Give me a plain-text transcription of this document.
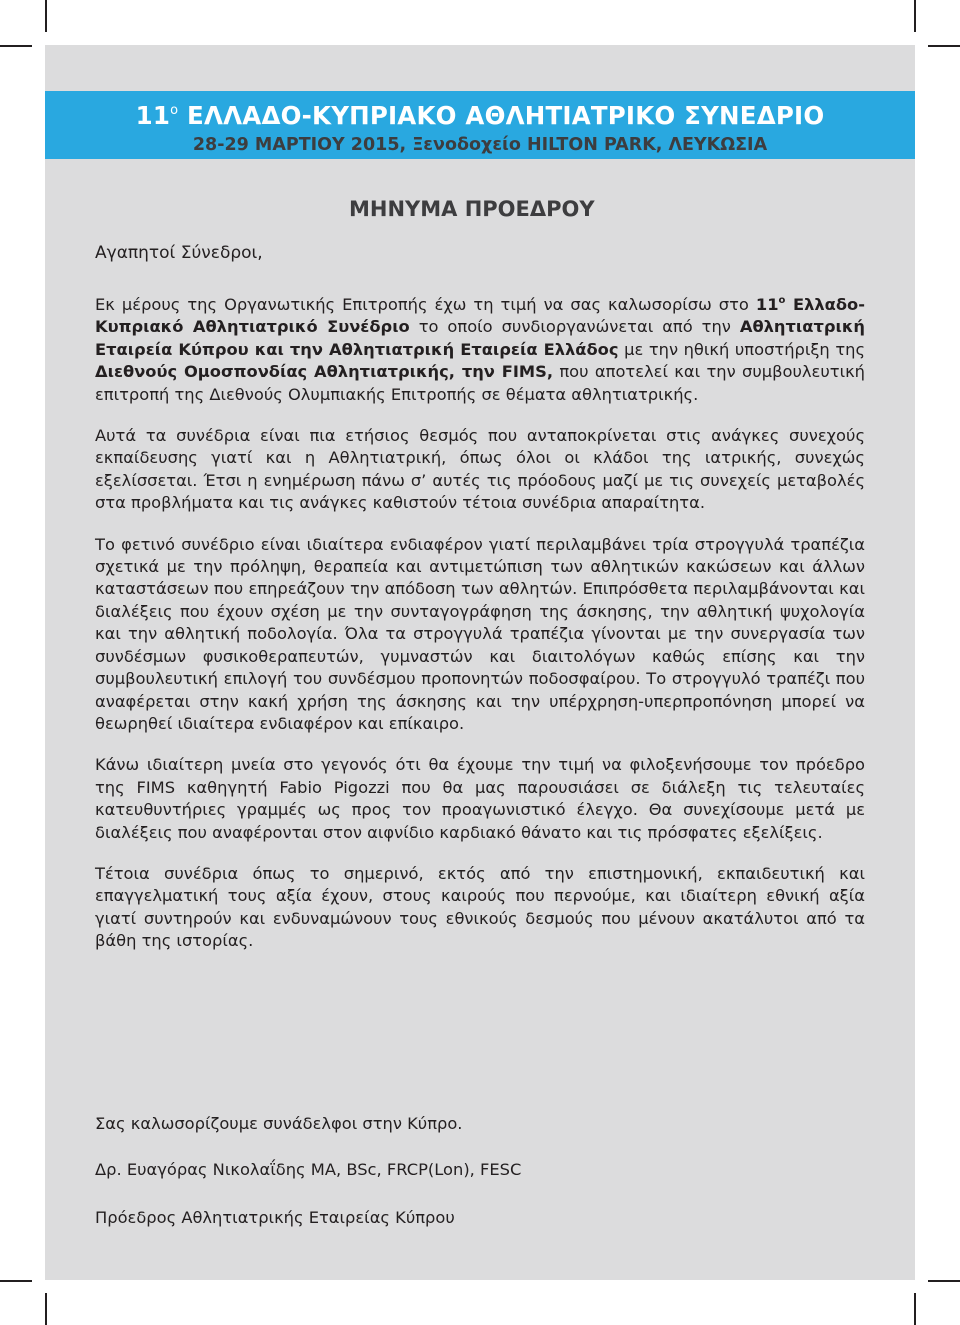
$11^o$ ΕΛΛΑΔΟ-ΚΥΠΡΙΑΚΟ ΑΘΛΗΤΙΑΤΡΙΚΟ ΣΥΝΕΔΡΙΟ

28-29 ΜΑΡΤΙΟΥ 2015, Ξενοδοχείο HILTON PARK, ΛΕΥΚΩΣΙΑ

ΜΗΝΥΜΑ ΠΡΟΕΔΡΟΥ
Αγαπητοί Σύνεδροι,

Εκ μέρους της Οργανωτικής Επιτροπής έχω τη τιμή να σας καλωσορίσω στο $11^o$ Ελλαδο-Κυπριακό Αθλητιατρικό Συνέδριο το οποίο συνδιοργανώνεται από την Αθλητιατρική Εταιρεία Κύπρου και την Αθλητιατρική Εταιρεία Ελλάδος με την ηθική υποστήριξη της Διεθνούς Ομοσπονδίας Αθλητιατρικής, την FIMS, που αποτελεί και την συμβουλευτική επιτροπή της Διεθνούς Ολυμπιακής Επιτροπής σε θέματα αθλητιατρικής.

Αυτά τα συνέδρια είναι πια ετήσιος θεσμός που ανταποκρίνεται στις ανάγκες συνεχούς εκπαίδευσης γιατί και η Αθλητιατρική, όπως όλοι οι κλάδοι της ιατρικής, συνεχώς εξελίσσεται. Έτσι η ενημέρωση πάνω σ’ αυτές τις πρόοδους μαζί με τις συνεχείς μεταβολές στα προβλήματα και τις ανάγκες καθιστούν τέτοια συνέδρια απαραίτητα.

Το φετινό συνέδριο είναι ιδιαίτερα ενδιαφέρον γιατί περιλαμβάνει τρία στρογγυλά τραπέζια σχετικά με την πρόληψη, θεραπεία και αντιμετώπιση των αθλητικών κακώσεων και άλλων καταστάσεων που επηρεάζουν την απόδοση των αθλητών. Επιπρόσθετα περιλαμβάνονται και διαλέξεις που έχουν σχέση με την συνταγογράφηση της άσκησης, την αθλητική ψυχολογία και την αθλητική ποδολογία. Όλα τα στρογγυλά τραπέζια γίνονται με την συνεργασία των συνδέσμων φυσικοθεραπευτών, γυμναστών και διαιτολόγων καθώς επίσης και την συμβουλευτική επιλογή του συνδέσμου προπονητών ποδοσφαίρου. Το στρογγυλό τραπέζι που αναφέρεται στην κακή χρήση της άσκησης και την υπέρχρηση-υπερπροπόνηση μπορεί να θεωρηθεί ιδιαίτερα ενδιαφέρον και επίκαιρο.

Κάνω ιδιαίτερη μνεία στο γεγονός ότι θα έχουμε την τιμή να φιλοξενήσουμε τον πρόεδρο της FIMS καθηγητή Fabio Pigozzi που θα μας παρουσιάσει σε διάλεξη τις τελευταίες κατευθυντήριες γραμμές ως προς τον προαγωνιστικό έλεγχο. Θα συνεχίσουμε μετά με διαλέξεις που αναφέρονται στον αιφνίδιο καρδιακό θάνατο και τις πρόσφατες εξελίξεις.

Τέτοια συνέδρια όπως το σημερινό, εκτός από την επιστημονική, εκπαιδευτική και επαγγελματική τους αξία έχουν, στους καιρούς που περνούμε, και ιδιαίτερη εθνική αξία γιατί συντηρούν και ενδυναμώνουν τους εθνικούς δεσμούς που μένουν ακατάλυτοι από τα βάθη της ιστορίας.

Σας καλωσορίζουμε συνάδελφοι στην Κύπρο.

Δρ. Ευαγόρας Νικολαΐδης MA, BSc, FRCP(Lon), FESC

Πρόεδρος Αθλητιατρικής Εταιρείας Κύπρου
